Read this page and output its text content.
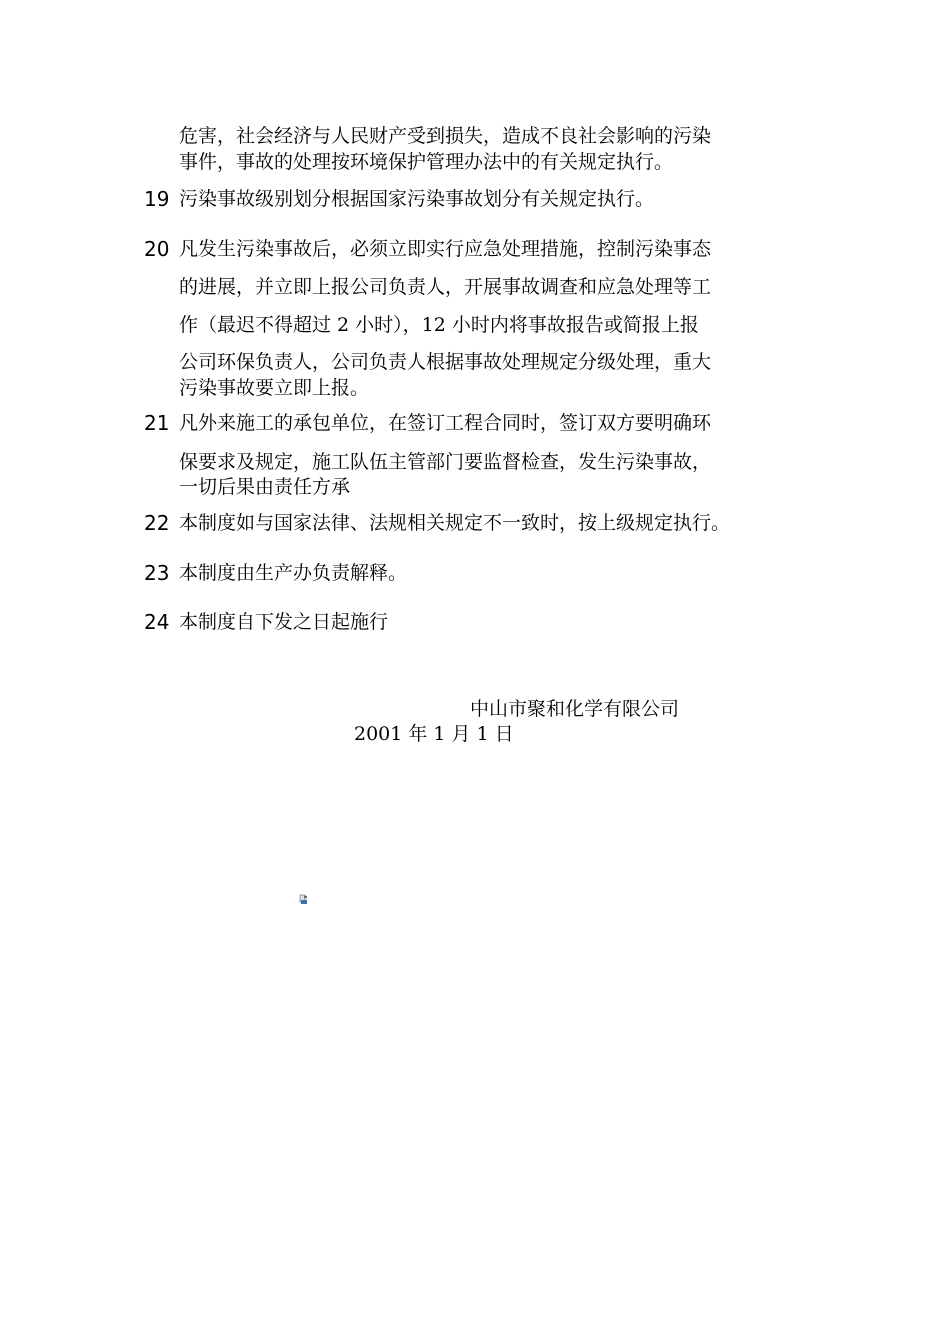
危害，社会经济与人民财产受到损失，造成不良社会影响的污染
事件，事故的处理按环境保护管理办法中的有关规定执行。
19 污染事故级别划分根据国家污染事故划分有关规定执行。
20 凡发生污染事故后，必须立即实行应急处理措施，控制污染事态
的进展，并立即上报公司负责人，开展事故调查和应急处理等工
作（最迟不得超过 2 小时），12 小时内将事故报告或简报上报
公司环保负责人，公司负责人根据事故处理规定分级处理，重大
污染事故要立即上报。
21 凡外来施工的承包单位，在签订工程合同时，签订双方要明确环
保要求及规定，施工队伍主管部门要监督检查，发生污染事故，
一切后果由责任方承
22 本制度如与国家法律、法规相关规定不一致时，按上级规定执行。
23 本制度由生产办负责解释。
24 本制度自下发之日起施行
中山市聚和化学有限公司
2001 年 1 月 1 日
